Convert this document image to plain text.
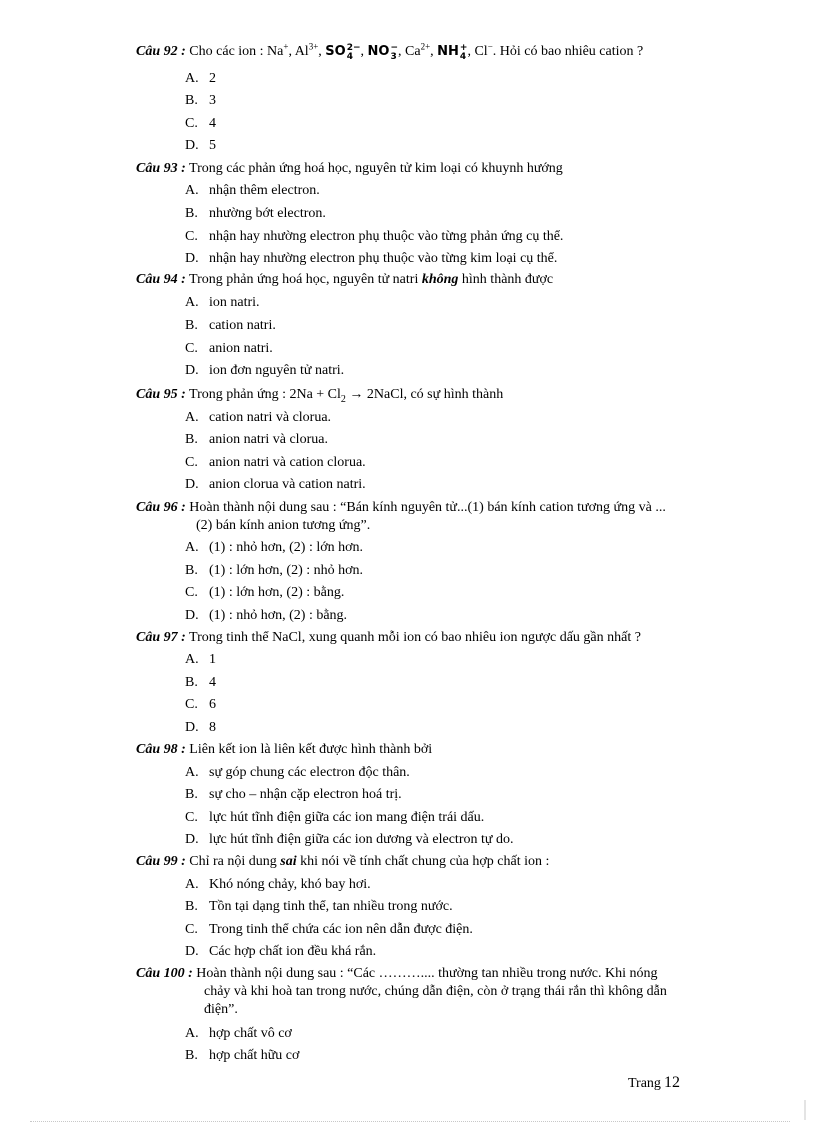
Câu 92 : Cho các ion : Na+, $Al^{3+}$, SO 2−
4 , NO −
3 , $Ca^{2+}$, NH +
4 , Cl−. Hỏi có bao nhiêu cation ?
A. 2
B. 3
C. 4
D. 5
Câu 93 : Trong các phản ứng hoá học, nguyên tử kim loại có khuynh hướng
A. nhận thêm electron.
B. nhường bớt electron.
C. nhận hay nhường electron phụ thuộc vào từng phản ứng cụ thể.
D. nhận hay nhường electron phụ thuộc vào từng kim loại cụ thể.
Câu 94 : Trong phản ứng hoá học, nguyên tử natri không hình thành được
A. ion natri.
B. cation natri.
C. anion natri.
D. ion đơn nguyên tử natri.
Câu 95 : Trong phản ứng : $2Na + Cl_2$ → 2NaCl, có sự hình thành
A. cation natri và clorua.
B. anion natri và clorua.
C. anion natri và cation clorua.
D. anion clorua và cation natri.
Câu 96 : Hoàn thành nội dung sau : “Bán kính nguyên tử...(1) bán kính cation tương ứng và ...
(2) bán kính anion tương ứng”.
A. (1) : nhỏ hơn, (2) : lớn hơn.
B. (1) : lớn hơn, (2) : nhỏ hơn.
C. (1) : lớn hơn, (2) : bằng.
D. (1) : nhỏ hơn, (2) : bằng.
Câu 97 : Trong tinh thể NaCl, xung quanh mỗi ion có bao nhiêu ion ngược dấu gần nhất ?
A. 1
B. 4
C. 6
D. 8
Câu 98 : Liên kết ion là liên kết được hình thành bởi
A. sự góp chung các electron độc thân.
B. sự cho – nhận cặp electron hoá trị.
C. lực hút tĩnh điện giữa các ion mang điện trái dấu.
D. lực hút tĩnh điện giữa các ion dương và electron tự do.
Câu 99 : Chỉ ra nội dung sai khi nói về tính chất chung của hợp chất ion :
A. Khó nóng chảy, khó bay hơi.
B. Tồn tại dạng tinh thể, tan nhiều trong nước.
C. Trong tinh thể chứa các ion nên dẫn được điện.
D. Các hợp chất ion đều khá rắn.
Câu 100 : Hoàn thành nội dung sau : “Các ……….... thường tan nhiều trong nước. Khi nóng
chảy và khi hoà tan trong nước, chúng dẫn điện, còn ở trạng thái rắn thì không dẫn
điện”.
A. hợp chất vô cơ
B. hợp chất hữu cơ
Trang 12
